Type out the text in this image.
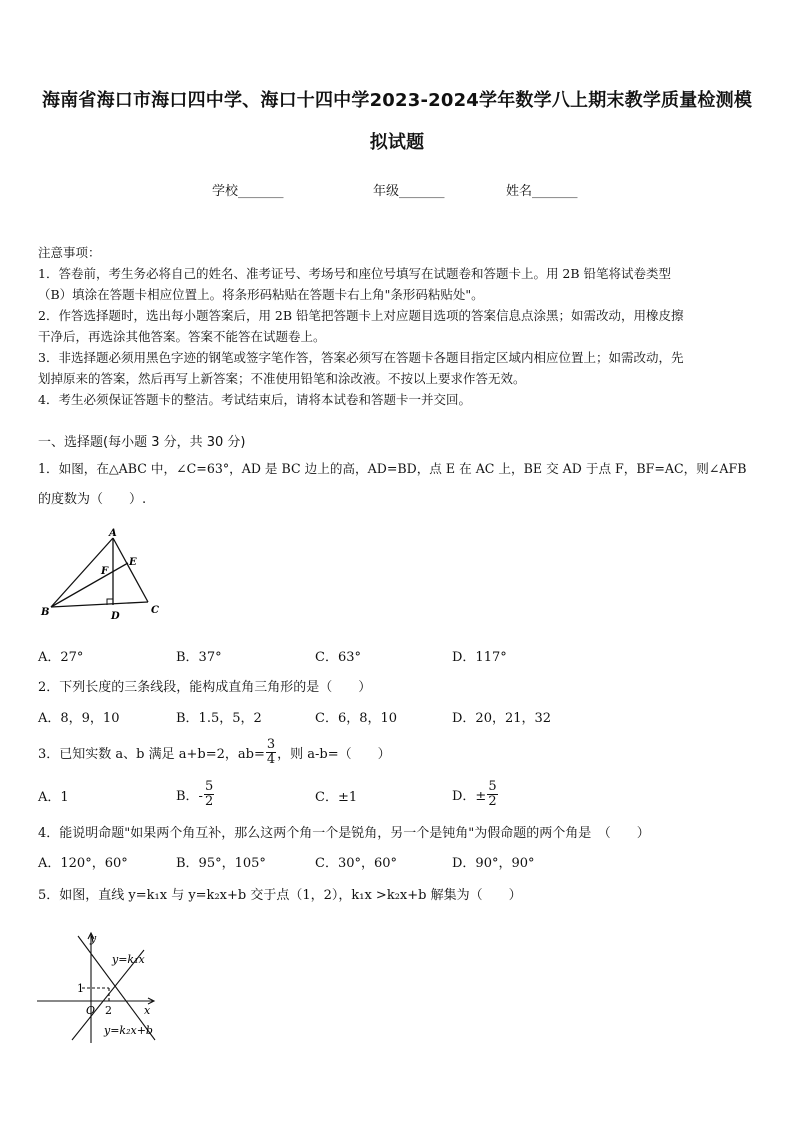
海南省海口市海口四中学、海口十四中学2023-2024学年数学八上期末教学质量检测模
拟试题
学校_______	年级_______	姓名_______
注意事项：
1．答卷前，考生务必将自己的姓名、准考证号、考场号和座位号填写在试题卷和答题卡上。用 2B 铅笔将试卷类型
（B）填涂在答题卡相应位置上。将条形码粘贴在答题卡右上角"条形码粘贴处"。
2．作答选择题时，选出每小题答案后，用 2B 铅笔把答题卡上对应题目选项的答案信息点涂黑；如需改动，用橡皮擦
干净后，再选涂其他答案。答案不能答在试题卷上。
3．非选择题必须用黑色字迹的钢笔或签字笔作答，答案必须写在答题卡各题目指定区域内相应位置上；如需改动，先
划掉原来的答案，然后再写上新答案；不准使用铅笔和涂改液。不按以上要求作答无效。
4．考生必须保证答题卡的整洁。考试结束后，请将本试卷和答题卡一并交回。
一、选择题(每小题 3 分，共 30 分)
1．如图，在△ABC 中，∠C=63°，AD 是 BC 边上的高，AD=BD，点 E 在 AC 上，BE 交 AD 于点 F，BF=AC，则∠AFB
的度数为（　　）.
A
B	C
D
E
F
A．27°	B．37°	C．63°	D．117°
2．下列长度的三条线段，能构成直角三角形的是（　　）
A．8，9，10	B．1.5，5，2	C．6，8，10	D．20，21，32
3．已知实数 a、b 满足 a+b=2，$ab= \frac{3}{4}$ ，则 a-b=（　　）
A．1	B．- $\frac{5}{2}$	C．±1	D．± $\frac{5}{2}$
4．能说明命题"如果两个角互补，那么这两个角一个是锐角，另一个是钝角"为假命题的两个角是　（　　）
A．120°，60°	B．95°，105°	C．30°，60°	D．90°，90°
5．如图，直线 y=k₁x 与 y=k₂x+b 交于点（1，2），k₁x >k₂x+b 解集为（　　）
y
x
O
1
2
y=k₁x
y=k₂x+b
